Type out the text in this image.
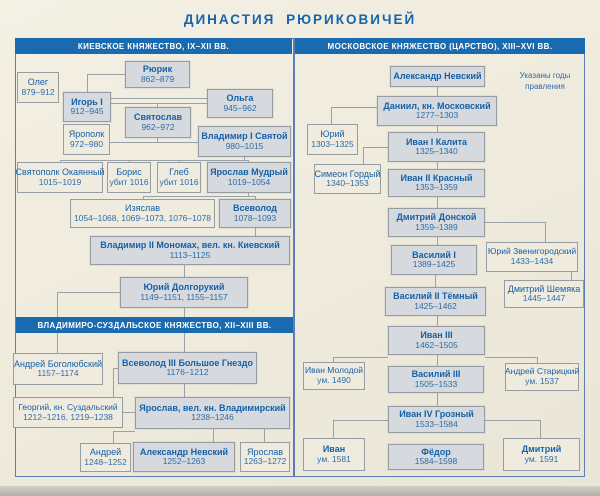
ДИНАСТИЯ РЮРИКОВИЧЕЙ
КИЕВСКОЕ КНЯЖЕСТВО, IX–XII ВВ.	МОСКОВСКОЕ КНЯЖЕСТВО (ЦАРСТВО), XIII–XVI ВВ.
ВЛАДИМИРО-СУЗДАЛЬСКОЕ КНЯЖЕСТВО, XII–XIII ВВ.
Указаны годы
правления
Рюрик
862–879
Олег
879–912
Игорь I
912–945
Ольга
945–962
Святослав
962–972
Ярополк
972–980
Владимир I Святой
980–1015
Святополк Окаянный
1015–1019
Борис
убит 1016
Глеб
убит 1016
Ярослав Мудрый
1019–1054
Изяслав
1054–1068, 1069–1073, 1076–1078
Всеволод
1078–1093
Владимир II Мономах, вел. кн. Киевский
1113–1125
Юрий Долгорукий
1149–1151, 1155–1157
Андрей Боголюбский
1157–1174
Всеволод III Большое Гнездо
1176–1212
Георгий, кн. Суздальский
1212–1216, 1219–1238
Ярослав, вел. кн. Владимирский
1238–1246
Андрей
1248–1252
Александр Невский
1252–1263
Ярослав
1263–1272
Александр Невский
Даниил, кн. Московский
1277–1303
Юрий
1303–1325	Иван I Калита
1325–1340
Симеон Гордый
1340–1353
Иван II Красный
1353–1359
Дмитрий Донской
1359–1389
Василий I
1389–1425
Юрий Звенигородский
1433–1434
Дмитрий Шемяка
1445–1447
Василий II Тёмный
1425–1462
Иван III
1462–1505
Иван Молодой
ум. 1490
Василий III
1505–1533
Андрей Старицкий
ум. 1537
Иван IV Грозный
1533–1584
Иван
ум. 1581
Фёдор
1584–1598
Дмитрий
ум. 1591
